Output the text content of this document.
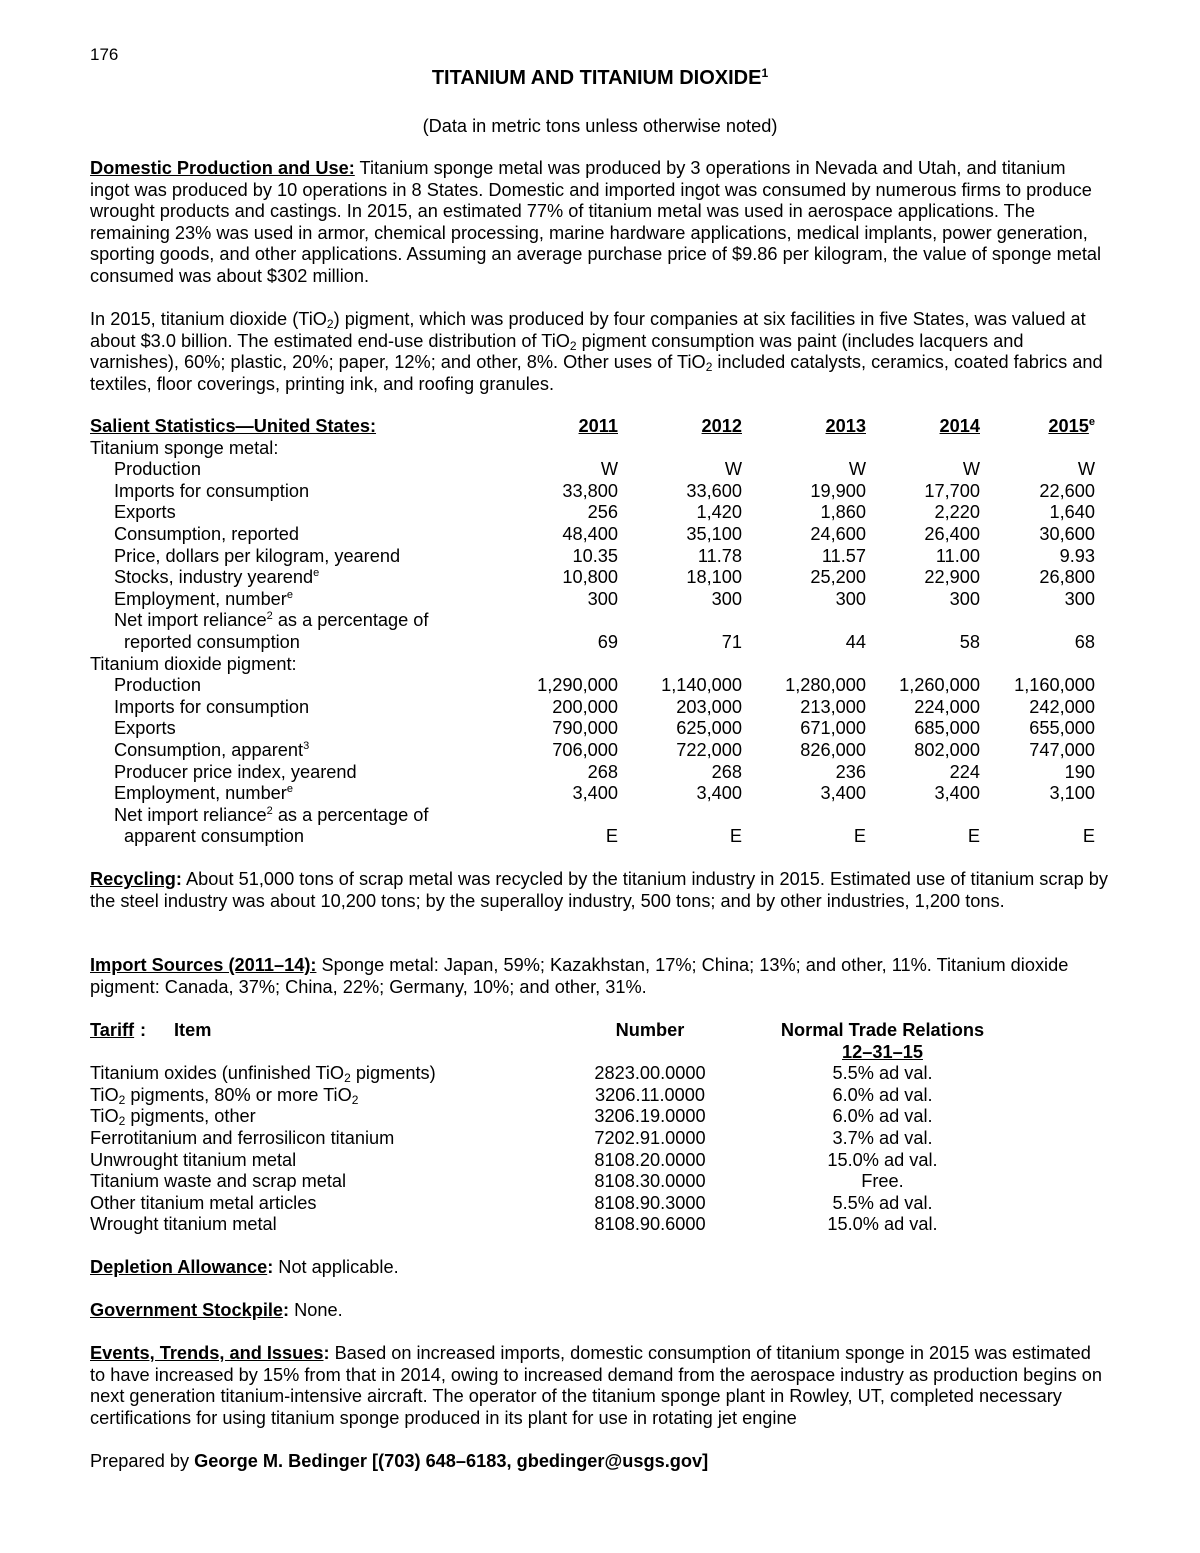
176
TITANIUM AND TITANIUM DIOXIDE$^1$
(Data in metric tons unless otherwise noted)
Domestic Production and Use: Titanium sponge metal was produced by 3 operations in Nevada and Utah, and titanium ingot was produced by 10 operations in 8 States. Domestic and imported ingot was consumed by numerous firms to produce wrought products and castings. In 2015, an estimated 77% of titanium metal was used in aerospace applications. The remaining 23% was used in armor, chemical processing, marine hardware applications, medical implants, power generation, sporting goods, and other applications. Assuming an average purchase price of $9.86 per kilogram, the value of sponge metal consumed was about $302 million.
In 2015, titanium dioxide (TiO$_2$) pigment, which was produced by four companies at six facilities in five States, was valued at about $3.0 billion. The estimated end-use distribution of TiO$_2$ pigment consumption was paint (includes lacquers and varnishes), 60%; plastic, 20%; paper, 12%; and other, 8%. Other uses of TiO$_2$ included catalysts, ceramics, coated fabrics and textiles, floor coverings, printing ink, and roofing granules.
Salient Statistics—United States:	2011	2012	2013	2014	2015e
Titanium sponge metal:
Production	W	W	W	W	W
Imports for consumption	33,800	33,600	19,900	17,700	22,600
Exports	256	1,420	1,860	2,220	1,640
Consumption, reported	48,400	35,100	24,600	26,400	30,600
Price, dollars per kilogram, yearend	10.35	11.78	11.57	11.00	9.93
Stocks, industry yearend$^e$	10,800	18,100	25,200	22,900	26,800
Employment, number$^e$	300	300	300	300	300
Net import reliance$^2$ as a percentage of
reported consumption	69	71	44	58	68
Titanium dioxide pigment:
Production	1,290,000	1,140,000	1,280,000	1,260,000	1,160,000
Imports for consumption	200,000	203,000	213,000	224,000	242,000
Exports	790,000	625,000	671,000	685,000	655,000
Consumption, apparent$^3$	706,000	722,000	826,000	802,000	747,000
Producer price index, yearend	268	268	236	224	190
Employment, number$^e$	3,400	3,400	3,400	3,400	3,100
Net import reliance$^2$ as a percentage of
apparent consumption	E	E	E	E	E
Recycling: About 51,000 tons of scrap metal was recycled by the titanium industry in 2015. Estimated use of titanium scrap by the steel industry was about 10,200 tons; by the superalloy industry, 500 tons; and by other industries, 1,200 tons.
Import Sources (2011–14): Sponge metal: Japan, 59%; Kazakhstan, 17%; China; 13%; and other, 11%. Titanium dioxide pigment: Canada, 37%; China, 22%; Germany, 10%; and other, 31%.
Tariff : Item	Number	Normal Trade Relations
12–31–15
Titanium oxides (unfinished TiO$_2$ pigments)	2823.00.0000	5.5% ad val.
TiO$_2$ pigments, 80% or more TiO$_2$	3206.11.0000	6.0% ad val.
TiO$_2$ pigments, other	3206.19.0000	6.0% ad val.
Ferrotitanium and ferrosilicon titanium	7202.91.0000	3.7% ad val.
Unwrought titanium metal	8108.20.0000	15.0% ad val.
Titanium waste and scrap metal	8108.30.0000	Free.
Other titanium metal articles	8108.90.3000	5.5% ad val.
Wrought titanium metal	8108.90.6000	15.0% ad val.
Depletion Allowance: Not applicable.
Government Stockpile: None.
Events, Trends, and Issues: Based on increased imports, domestic consumption of titanium sponge in 2015 was estimated to have increased by 15% from that in 2014, owing to increased demand from the aerospace industry as production begins on next generation titanium-intensive aircraft. The operator of the titanium sponge plant in Rowley, UT, completed necessary certifications for using titanium sponge produced in its plant for use in rotating jet engine
Prepared by George M. Bedinger [(703) 648–6183, gbedinger@usgs.gov]
